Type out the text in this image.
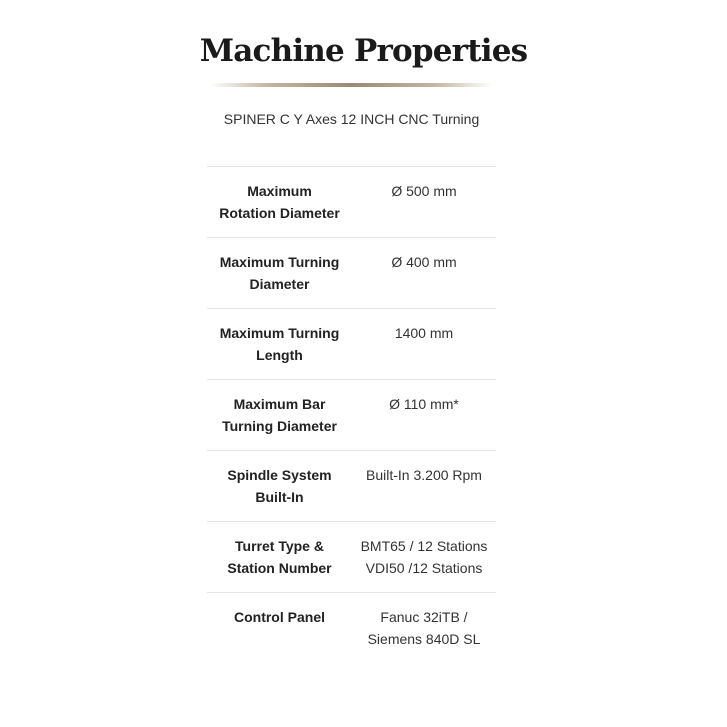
Machine Properties
SPINER C Y Axes 12 INCH CNC Turning
Maximum Rotation Diameter
Ø 500 mm
Maximum Turning Diameter
Ø 400 mm
Maximum Turning Length
1400 mm
Maximum Bar Turning Diameter
Ø 110 mm*
Spindle System Built-In
Built-In 3.200 Rpm
Turret Type & Station Number
BMT65 / 12 Stations VDI50 /12 Stations
Control Panel	Fanuc 32iTB / Siemens 840D SL
